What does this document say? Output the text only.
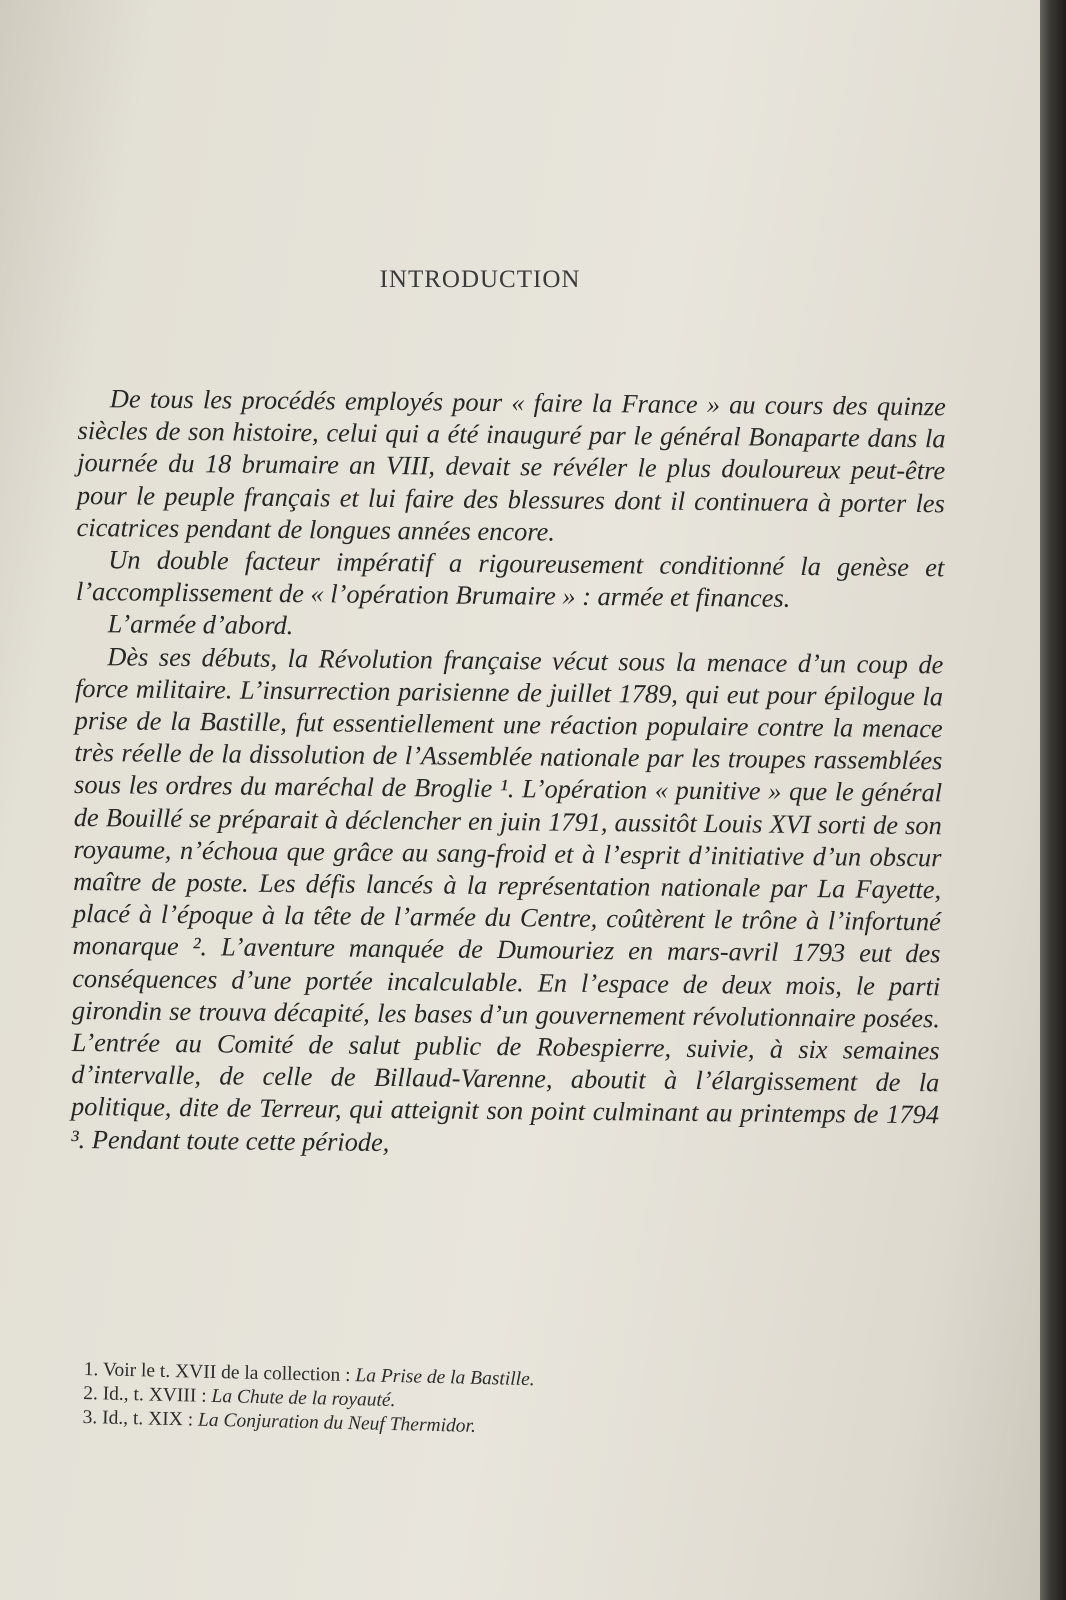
INTRODUCTION

De tous les procédés employés pour « faire la France » au cours des quinze siècles de son histoire, celui qui a été inauguré par le général Bonaparte dans la journée du 18 brumaire an VIII, devait se révéler le plus douloureux peut-être pour le peuple français et lui faire des blessures dont il continuera à porter les cicatrices pendant de longues années encore.

Un double facteur impératif a rigoureusement conditionné la genèse et l’accomplissement de « l’opération Brumaire » : armée et finances.

L’armée d’abord.

Dès ses débuts, la Révolution française vécut sous la menace d’un coup de force militaire. L’insurrection parisienne de juillet 1789, qui eut pour épilogue la prise de la Bastille, fut essentiellement une réaction populaire contre la menace très réelle de la dissolution de l’Assemblée nationale par les troupes rassemblées sous les ordres du maréchal de Broglie ¹. L’opération « punitive » que le général de Bouillé se préparait à déclencher en juin 1791, aussitôt Louis XVI sorti de son royaume, n’échoua que grâce au sang-froid et à l’esprit d’initiative d’un obscur maître de poste. Les défis lancés à la représentation nationale par La Fayette, placé à l’époque à la tête de l’armée du Centre, coûtèrent le trône à l’infortuné monarque ². L’aventure manquée de Dumouriez en mars-avril 1793 eut des conséquences d’une portée incalculable. En l’espace de deux mois, le parti girondin se trouva décapité, les bases d’un gouvernement révolutionnaire posées. L’entrée au Comité de salut public de Robespierre, suivie, à six semaines d’intervalle, de celle de Billaud-Varenne, aboutit à l’élargissement de la politique, dite de Terreur, qui atteignit son point culminant au printemps de 1794 ³. Pendant toute cette période,

1. Voir le t. XVII de la collection : La Prise de la Bastille.
2. Id., t. XVIII : La Chute de la royauté.
3. Id., t. XIX : La Conjuration du Neuf Thermidor.
